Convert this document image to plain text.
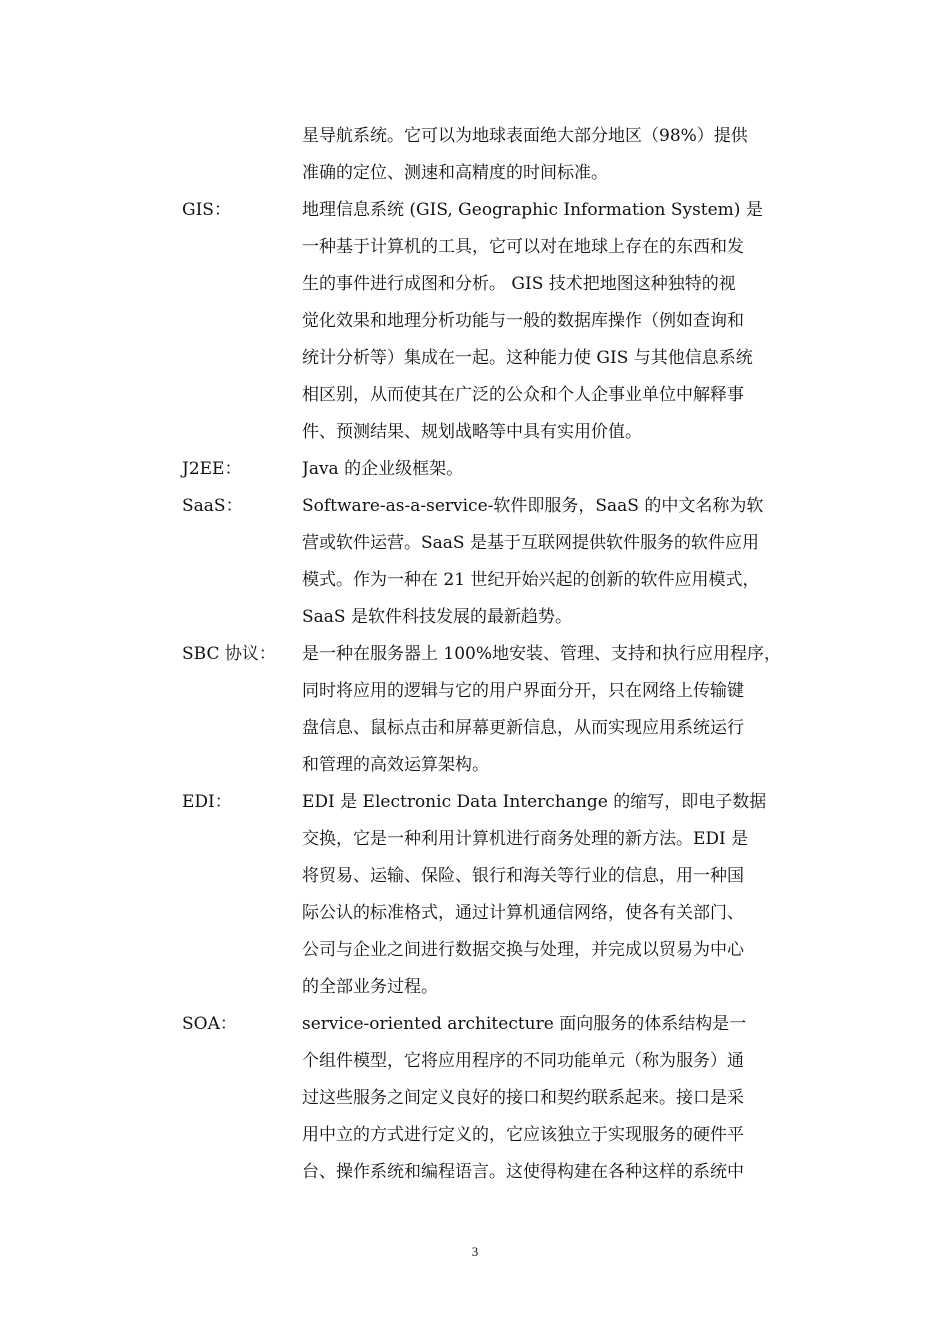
星导航系统。它可以为地球表面绝大部分地区（98%）提供
准确的定位、测速和高精度的时间标准。
GIS：	地理信息系统 (GIS, Geographic Information System) 是
一种基于计算机的工具，它可以对在地球上存在的东西和发
生的事件进行成图和分析。 GIS 技术把地图这种独特的视
觉化效果和地理分析功能与一般的数据库操作（例如查询和
统计分析等）集成在一起。这种能力使 GIS 与其他信息系统
相区别，从而使其在广泛的公众和个人企事业单位中解释事
件、预测结果、规划战略等中具有实用价值。
J2EE：	Java 的企业级框架。
SaaS：	Software-as-a-service-软件即服务，SaaS 的中文名称为软
营或软件运营。SaaS 是基于互联网提供软件服务的软件应用
模式。作为一种在 21 世纪开始兴起的创新的软件应用模式，
SaaS 是软件科技发展的最新趋势。
SBC 协议： 是一种在服务器上 100%地安装、管理、支持和执行应用程序，
同时将应用的逻辑与它的用户界面分开，只在网络上传输键
盘信息、鼠标点击和屏幕更新信息，从而实现应用系统运行
和管理的高效运算架构。
EDI：	EDI 是 Electronic Data Interchange 的缩写，即电子数据
交换，它是一种利用计算机进行商务处理的新方法。EDI 是
将贸易、运输、保险、银行和海关等行业的信息，用一种国
际公认的标准格式，通过计算机通信网络，使各有关部门、
公司与企业之间进行数据交换与处理，并完成以贸易为中心
的全部业务过程。
SOA：	service-oriented architecture 面向服务的体系结构是一
个组件模型，它将应用程序的不同功能单元（称为服务）通
过这些服务之间定义良好的接口和契约联系起来。接口是采
用中立的方式进行定义的，它应该独立于实现服务的硬件平
台、操作系统和编程语言。这使得构建在各种这样的系统中
3
